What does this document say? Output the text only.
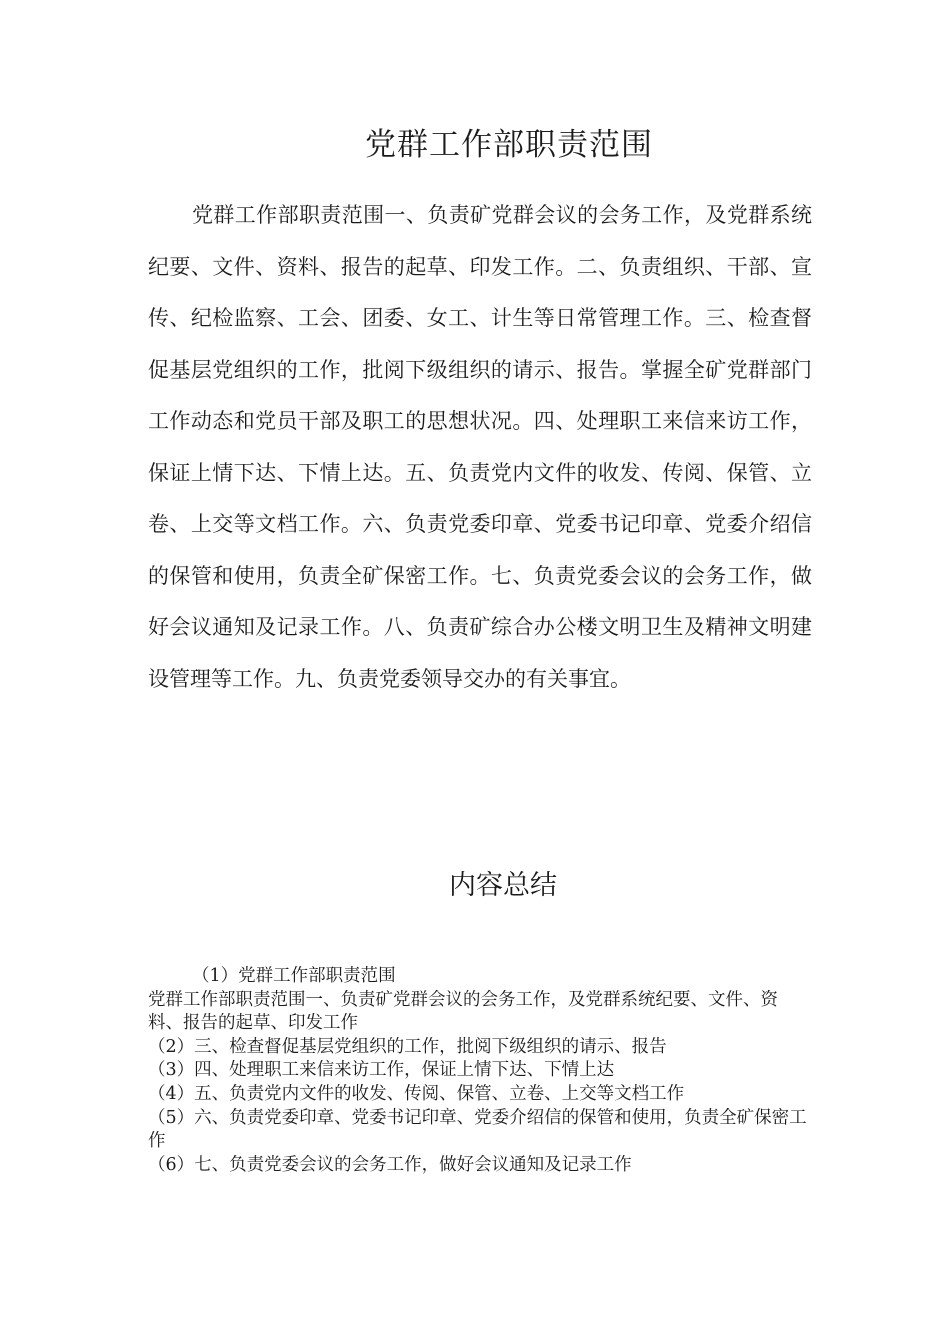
党群工作部职责范围

党群工作部职责范围一、负责矿党群会议的会务工作，及党群系统纪要、文件、资料、报告的起草、印发工作。二、负责组织、干部、宣传、纪检监察、工会、团委、女工、计生等日常管理工作。三、检查督促基层党组织的工作，批阅下级组织的请示、报告。掌握全矿党群部门工作动态和党员干部及职工的思想状况。四、处理职工来信来访工作，保证上情下达、下情上达。五、负责党内文件的收发、传阅、保管、立卷、上交等文档工作。六、负责党委印章、党委书记印章、党委介绍信的保管和使用，负责全矿保密工作。七、负责党委会议的会务工作，做好会议通知及记录工作。八、负责矿综合办公楼文明卫生及精神文明建设管理等工作。九、负责党委领导交办的有关事宜。

内容总结
（1）党群工作部职责范围
党群工作部职责范围一、负责矿党群会议的会务工作，及党群系统纪要、文件、资料、报告的起草、印发工作
（2）三、检查督促基层党组织的工作，批阅下级组织的请示、报告
（3）四、处理职工来信来访工作，保证上情下达、下情上达
（4）五、负责党内文件的收发、传阅、保管、立卷、上交等文档工作
（5）六、负责党委印章、党委书记印章、党委介绍信的保管和使用，负责全矿保密工作
（6）七、负责党委会议的会务工作，做好会议通知及记录工作
